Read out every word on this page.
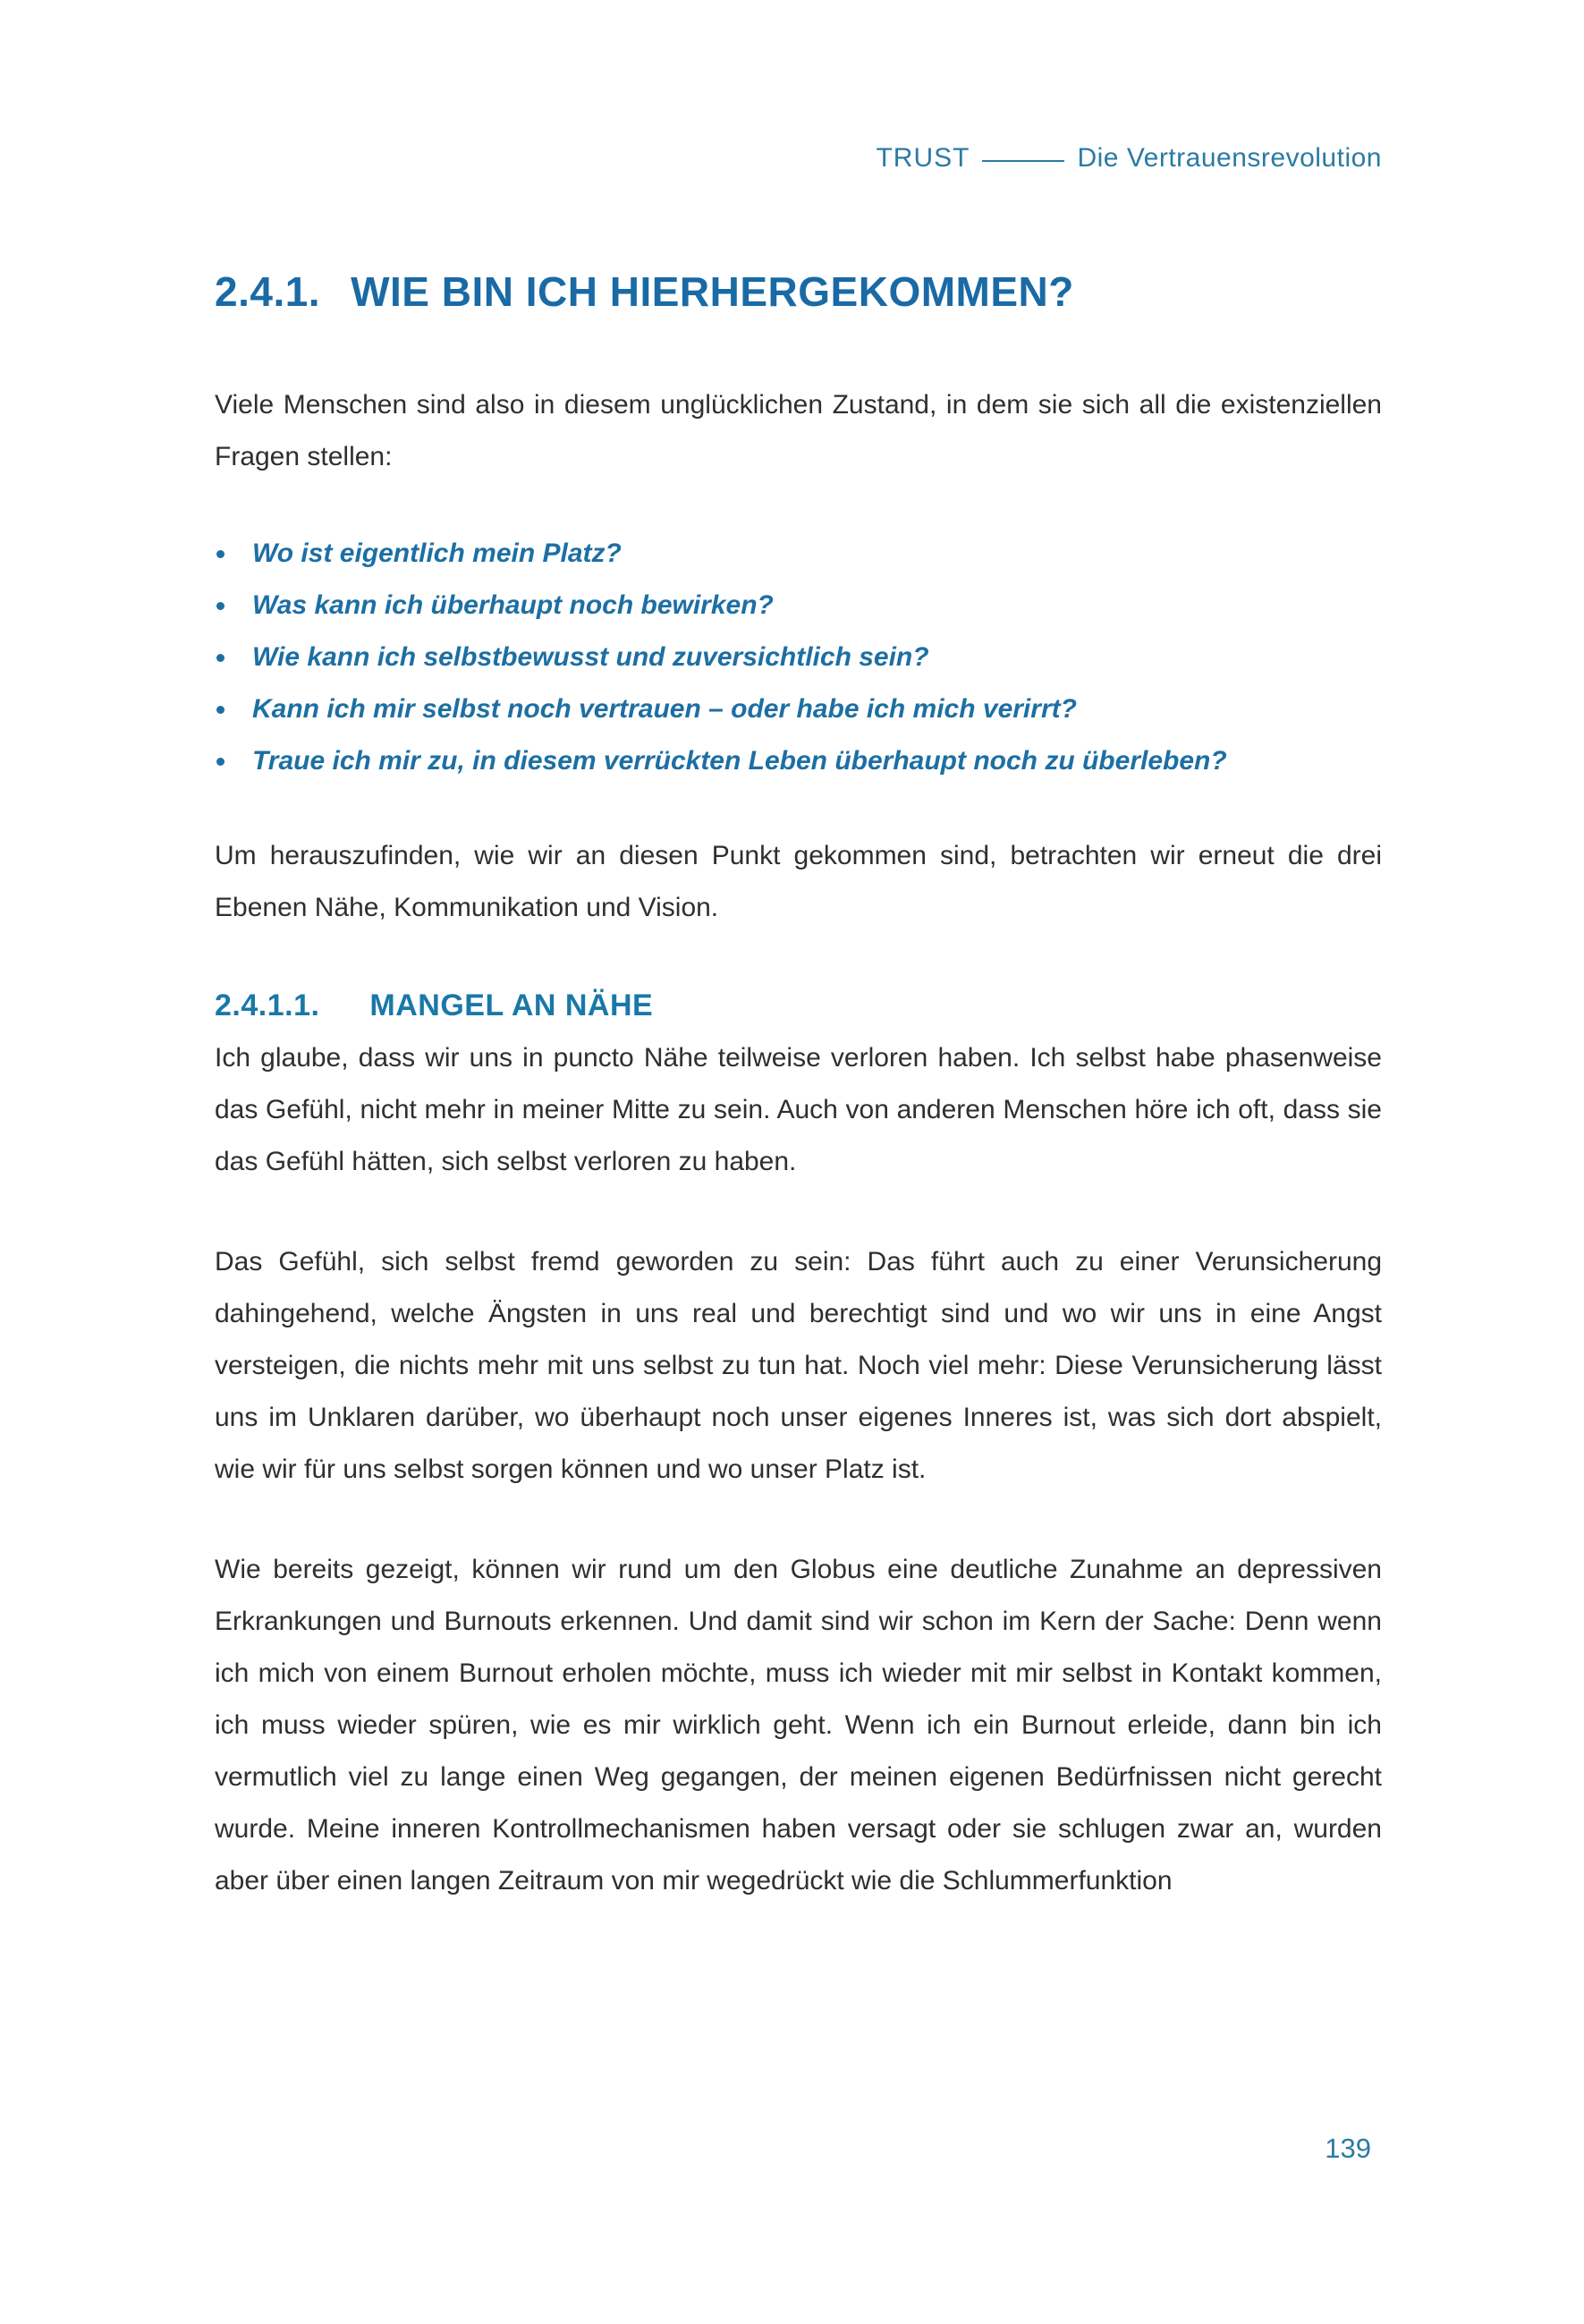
TRUST	Die Vertrauensrevolution
2.4.1. WIE BIN ICH HIERHERGEKOMMEN?

Viele Menschen sind also in diesem unglücklichen Zustand, in dem sie sich all die existenziellen Fragen stellen:

Wo ist eigentlich mein Platz?
Was kann ich überhaupt noch bewirken?
Wie kann ich selbstbewusst und zuversichtlich sein?
Kann ich mir selbst noch vertrauen – oder habe ich mich verirrt?
Traue ich mir zu, in diesem verrückten Leben überhaupt noch zu überleben?

Um herauszufinden, wie wir an diesen Punkt gekommen sind, betrachten wir erneut die drei Ebenen Nähe, Kommunikation und Vision.

2.4.1.1. MANGEL AN NÄHE

Ich glaube, dass wir uns in puncto Nähe teilweise verloren haben. Ich selbst habe phasenweise das Gefühl, nicht mehr in meiner Mitte zu sein. Auch von anderen Menschen höre ich oft, dass sie das Gefühl hätten, sich selbst verloren zu haben.

Das Gefühl, sich selbst fremd geworden zu sein: Das führt auch zu einer Verunsicherung dahingehend, welche Ängsten in uns real und berechtigt sind und wo wir uns in eine Angst versteigen, die nichts mehr mit uns selbst zu tun hat. Noch viel mehr: Diese Verunsicherung lässt uns im Unklaren darüber, wo überhaupt noch unser eigenes Inneres ist, was sich dort abspielt, wie wir für uns selbst sorgen können und wo unser Platz ist.

Wie bereits gezeigt, können wir rund um den Globus eine deutliche Zunahme an depressiven Erkrankungen und Burnouts erkennen. Und damit sind wir schon im Kern der Sache: Denn wenn ich mich von einem Burnout erholen möchte, muss ich wieder mit mir selbst in Kontakt kommen, ich muss wieder spüren, wie es mir wirklich geht. Wenn ich ein Burnout erleide, dann bin ich vermutlich viel zu lange einen Weg gegangen, der meinen eigenen Bedürfnissen nicht gerecht wurde. Meine inneren Kontrollmechanismen haben versagt oder sie schlugen zwar an, wurden aber über einen langen Zeitraum von mir wegedrückt wie die Schlummerfunktion

139
